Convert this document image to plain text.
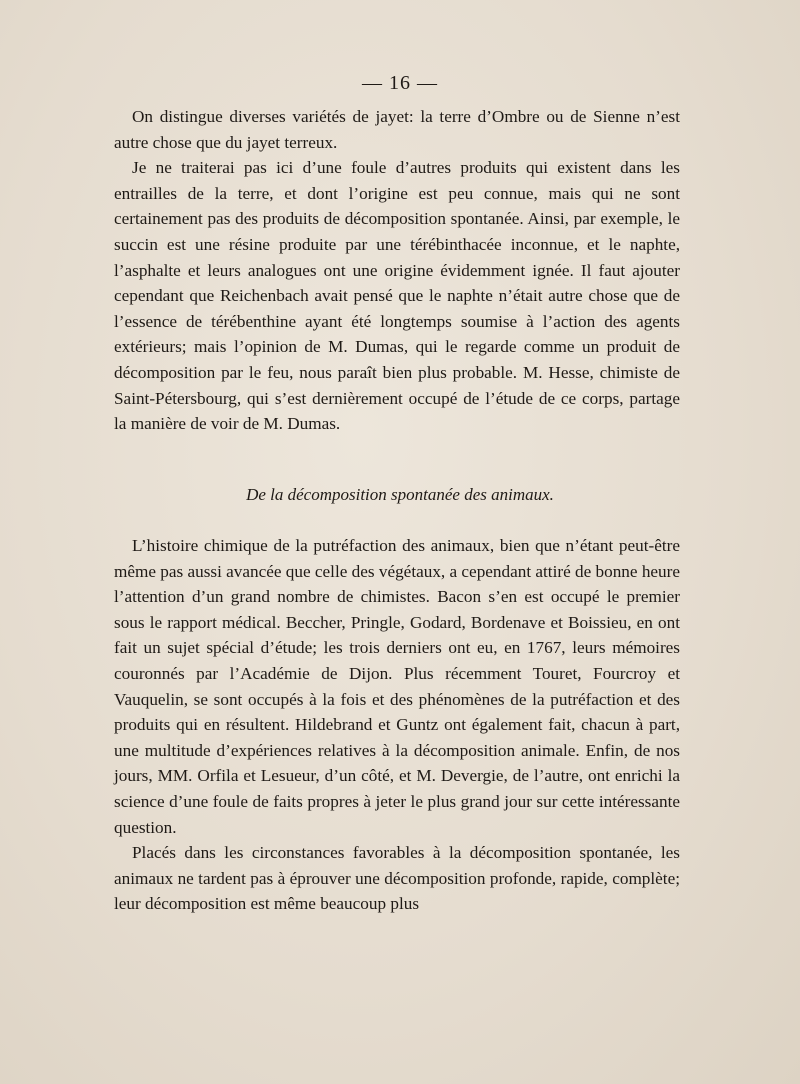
— 16 —

On distingue diverses variétés de jayet: la terre d’Ombre ou de Sienne n’est autre chose que du jayet terreux.

Je ne traiterai pas ici d’une foule d’autres produits qui existent dans les entrailles de la terre, et dont l’origine est peu connue, mais qui ne sont certainement pas des produits de décomposition spontanée. Ainsi, par exemple, le succin est une résine produite par une térébinthacée inconnue, et le naphte, l’asphalte et leurs analogues ont une origine évidemment ignée. Il faut ajouter cependant que Reichenbach avait pensé que le naphte n’était autre chose que de l’essence de térébenthine ayant été longtemps soumise à l’action des agents extérieurs; mais l’opinion de M. Dumas, qui le regarde comme un produit de décomposition par le feu, nous paraît bien plus probable. M. Hesse, chimiste de Saint-Pétersbourg, qui s’est dernièrement occupé de l’étude de ce corps, partage la manière de voir de M. Dumas.

De la décomposition spontanée des animaux.

L’histoire chimique de la putréfaction des animaux, bien que n’étant peut-être même pas aussi avancée que celle des végétaux, a cependant attiré de bonne heure l’attention d’un grand nombre de chimistes. Bacon s’en est occupé le premier sous le rapport médical. Beccher, Pringle, Godard, Bordenave et Boissieu, en ont fait un sujet spécial d’étude; les trois derniers ont eu, en 1767, leurs mémoires couronnés par l’Académie de Dijon. Plus récemment Touret, Fourcroy et Vauquelin, se sont occupés à la fois et des phénomènes de la putréfaction et des produits qui en résultent. Hildebrand et Guntz ont également fait, chacun à part, une multitude d’expériences relatives à la décomposition animale. Enfin, de nos jours, MM. Orfila et Lesueur, d’un côté, et M. Devergie, de l’autre, ont enrichi la science d’une foule de faits propres à jeter le plus grand jour sur cette intéressante question.

Placés dans les circonstances favorables à la décomposition spontanée, les animaux ne tardent pas à éprouver une décomposition profonde, rapide, complète; leur décomposition est même beaucoup plus
